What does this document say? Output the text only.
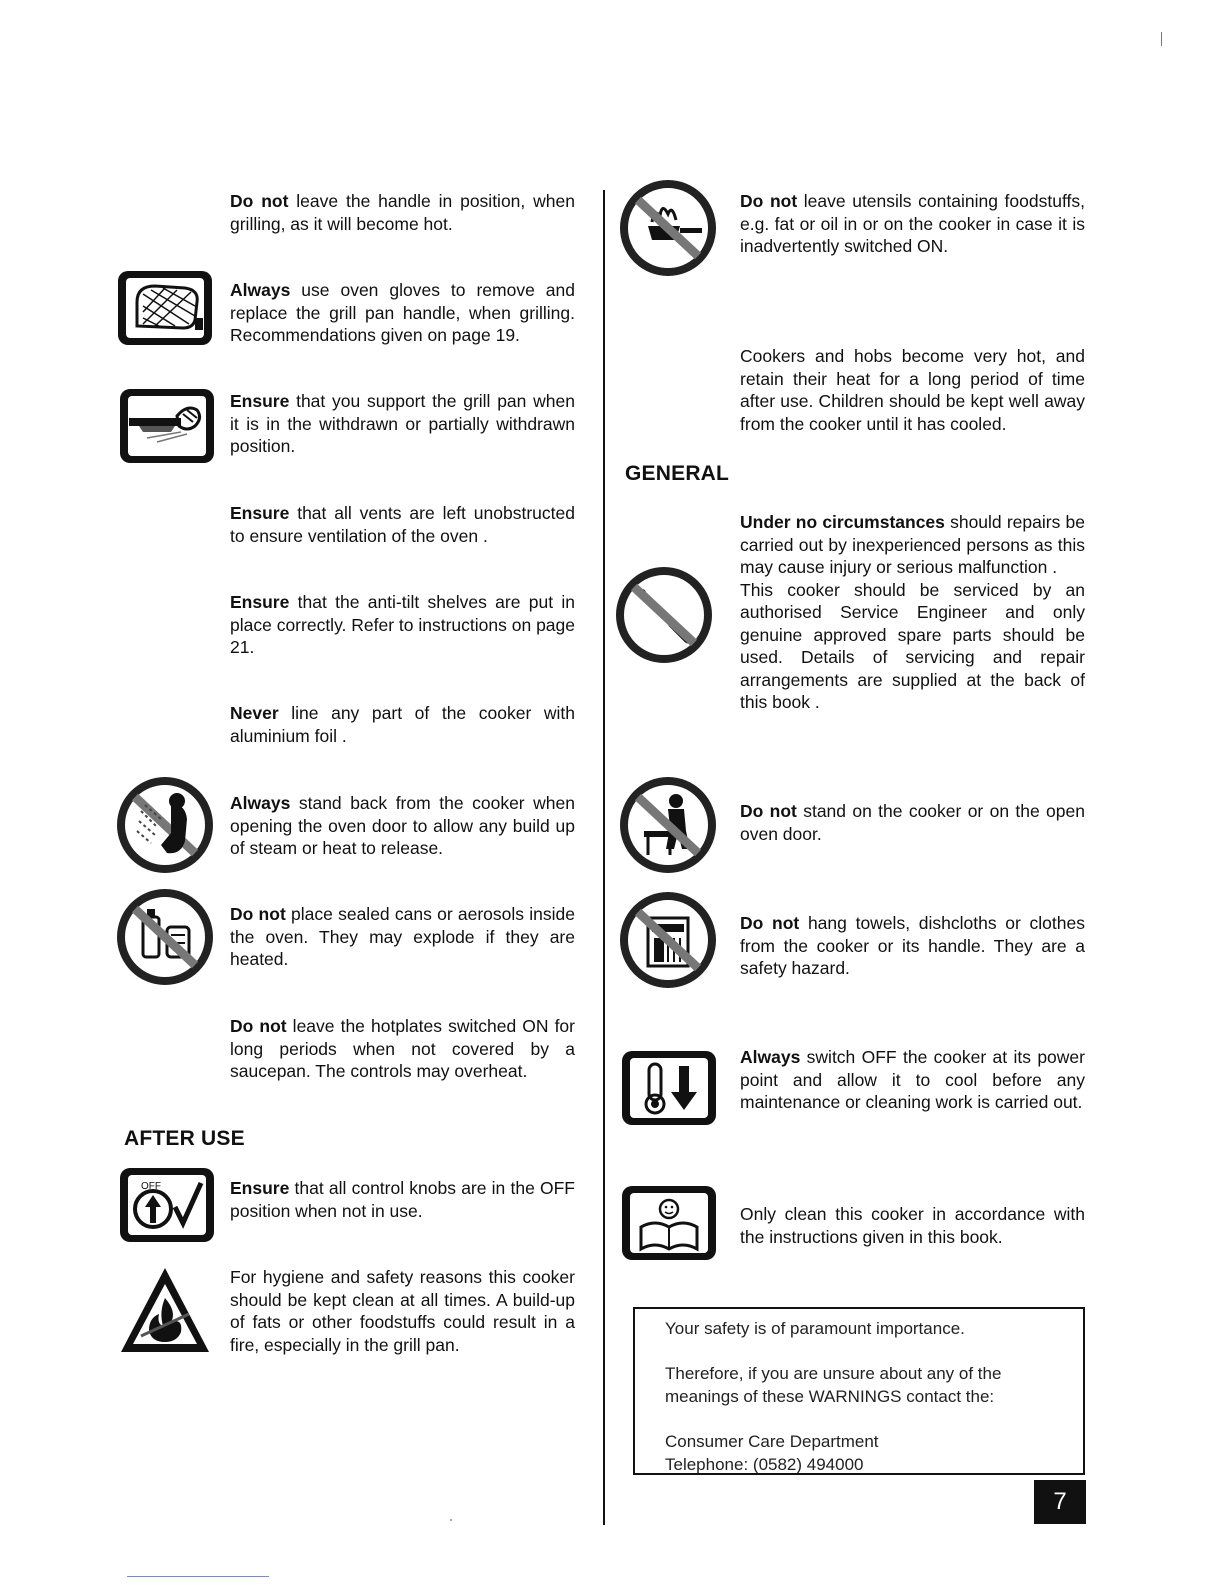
Do not leave the handle in position, when grilling, as it will become hot.

Always use oven gloves to remove and replace the grill pan handle, when grilling. Recommendations given on page 19.

Ensure that you support the grill pan when it is in the withdrawn or partially withdrawn position.

Ensure that all vents are left unobstructed to ensure ventilation of the oven .

Ensure that the anti-tilt shelves are put in place correctly. Refer to instructions on page 21.

Never line any part of the cooker with aluminium foil .

Always stand back from the cooker when opening the oven door to allow any build up of steam or heat to release.

Do not place sealed cans or aerosols inside the oven. They may explode if they are heated.

Do not leave the hotplates switched ON for long periods when not covered by a saucepan. The controls may overheat.

AFTER USE
OFF	Ensure that all control knobs are in the OFF position when not in use.

For hygiene and safety reasons this cooker should be kept clean at all times. A build-up of fats or other foodstuffs could result in a fire, especially in the grill pan.

Do not leave utensils containing foodstuffs, e.g. fat or oil in or on the cooker in case it is inadvertently switched ON.

Cookers and hobs become very hot, and retain their heat for a long period of time after use. Children should be kept well away from the cooker until it has cooled.

GENERAL

Under no circumstances should repairs be carried out by inexperienced persons as this may cause injury or serious malfunction .
This cooker should be serviced by an authorised Service Engineer and only genuine approved spare parts should be used. Details of servicing and repair arrangements are supplied at the back of this book .

Do not stand on the cooker or on the open oven door.

Do not hang towels, dishcloths or clothes from the cooker or its handle. They are a safety hazard.

Always switch OFF the cooker at its power point and allow it to cool before any maintenance or cleaning work is carried out.

Only clean this cooker in accordance with the instructions given in this book.

Your safety is of paramount importance.

Therefore, if you are unsure about any of the meanings of these WARNINGS contact the:

Consumer Care Department

Telephone: (0582) 494000

7
